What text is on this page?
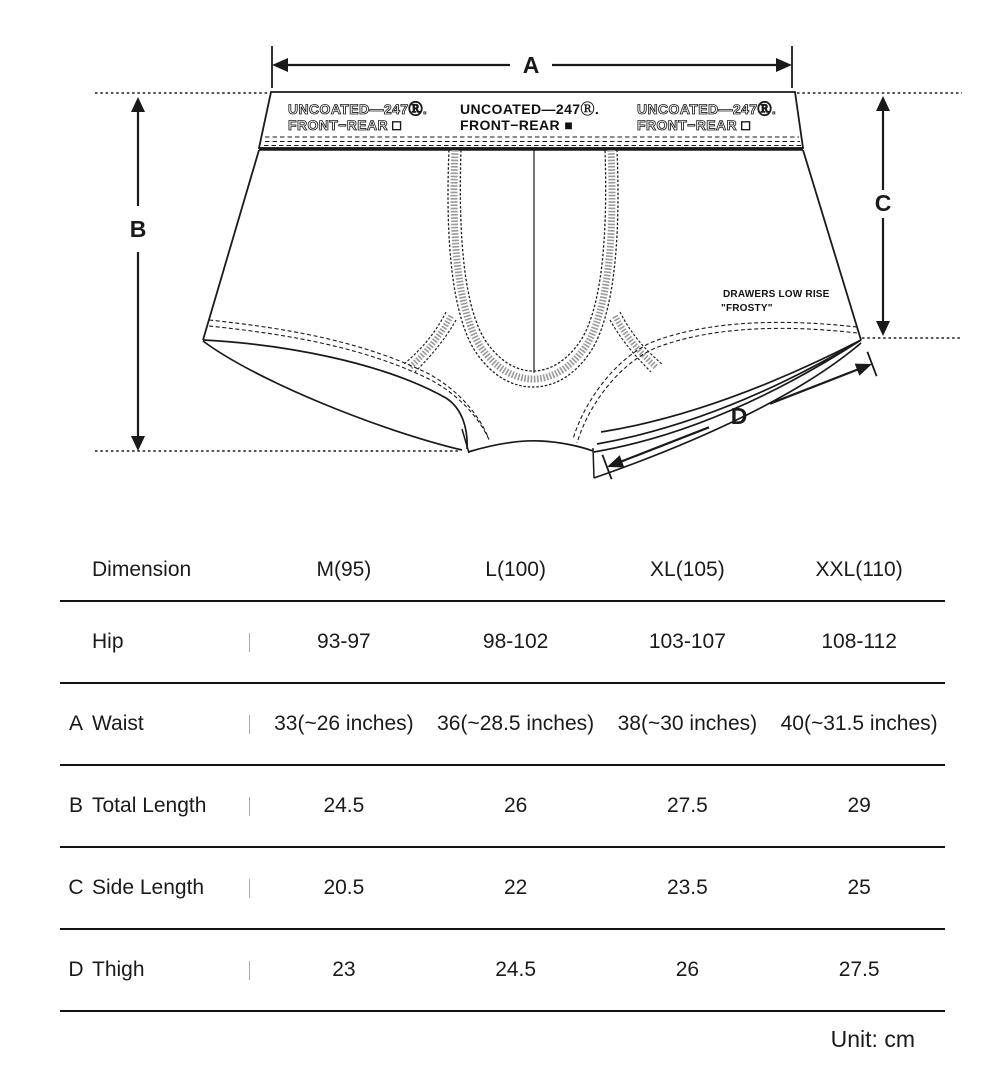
A
B
C
D
UNCOATED—247Ⓡ.
FRONT−REAR □
UNCOATED—247Ⓡ.
FRONT−REAR ■
UNCOATED—247Ⓡ.
FRONT−REAR □
DRAWERS LOW RISE
"FROSTY"
Dimension	M(95)	L(100)	XL(105)	XXL(110)
Hip	93-97	98-102	103-107	108-112
A Waist	33(~26 inches)	36(~28.5 inches)	38(~30 inches)	40(~31.5 inches)
B Total Length	24.5	26	27.5	29
C Side Length	20.5	22	23.5	25
D Thigh	23	24.5	26	27.5
Unit: cm
